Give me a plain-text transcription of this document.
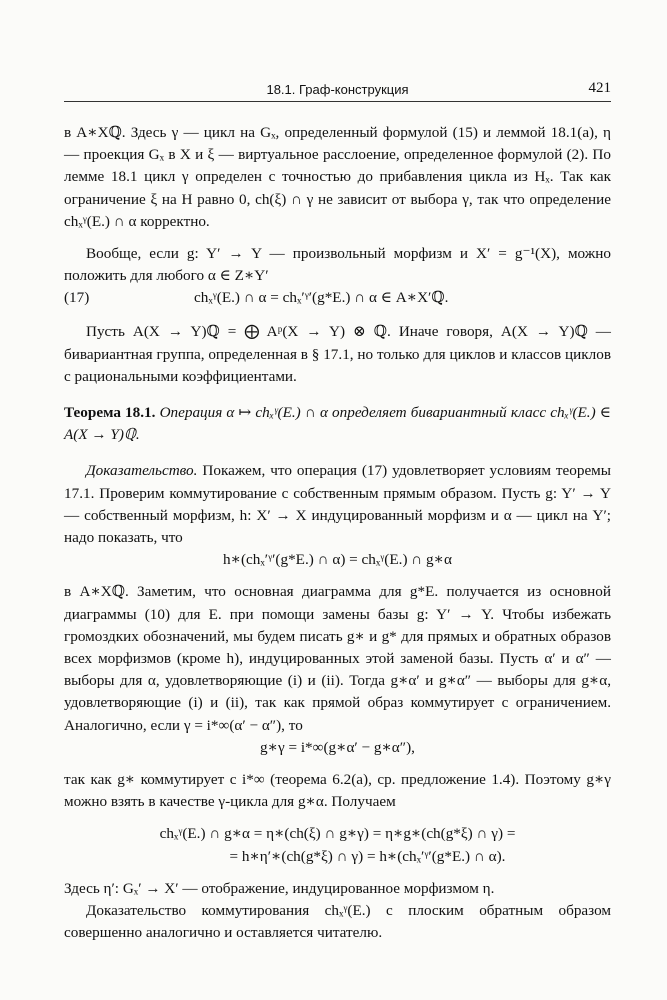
18.1. Граф-конструкция	421

в A∗Xℚ. Здесь γ — цикл на Gₓ, определенный формулой (15) и леммой 18.1(a), η — проекция Gₓ в X и ξ — виртуальное расслоение, определенное формулой (2). По лемме 18.1 цикл γ определен с точностью до прибавления цикла из Hₓ. Так как ограничение ξ на H равно 0, ch(ξ) ∩ γ не зависит от выбора γ, так что определение chₓᵞ(E.) ∩ α корректно.

Вообще, если g: Y′ → Y — произвольный морфизм и X′ = g⁻¹(X), можно положить для любого α ∈ Z∗Y′

(17)	chₓᵞ(E.) ∩ α = chₓ′ᵞ′(g*E.) ∩ α ∈ A∗X′ℚ.

Пусть A(X → Y)ℚ = ⨁ Aᵖ(X → Y) ⊗ ℚ. Иначе говоря, A(X → Y)ℚ — бивариантная группа, определенная в § 17.1, но только для циклов и классов циклов с рациональными коэффициентами.

Теорема 18.1. Операция α ↦ chₓᵞ(E.) ∩ α определяет бивариантный класс chₓᵞ(E.) ∈ A(X → Y)ℚ.

Доказательство. Покажем, что операция (17) удовлетворяет условиям теоремы 17.1. Проверим коммутирование с собственным прямым образом. Пусть g: Y′ → Y — собственный морфизм, h: X′ → X индуцированный морфизм и α — цикл на Y′; надо показать, что

h∗(chₓ′ᵞ′(g*E.) ∩ α) = chₓᵞ(E.) ∩ g∗α

в A∗Xℚ. Заметим, что основная диаграмма для g*E. получается из основной диаграммы (10) для E. при помощи замены базы g: Y′ → Y. Чтобы избежать громоздких обозначений, мы будем писать g∗ и g* для прямых и обратных образов всех морфизмов (кроме h), индуцированных этой заменой базы. Пусть α′ и α″ — выборы для α, удовлетворяющие (i) и (ii). Тогда g∗α′ и g∗α″ — выборы для g∗α, удовлетворяющие (i) и (ii), так как прямой образ коммутирует с ограничением. Аналогично, если γ = i*∞(α′ − α″), то

g∗γ = i*∞(g∗α′ − g∗α″),

так как g∗ коммутирует с i*∞ (теорема 6.2(a), ср. предложение 1.4). Поэтому g∗γ можно взять в качестве γ-цикла для g∗α. Получаем

chₓᵞ(E.) ∩ g∗α = η∗(ch(ξ) ∩ g∗γ) = η∗g∗(ch(g*ξ) ∩ γ) =
= h∗η′∗(ch(g*ξ) ∩ γ) = h∗(chₓ′ᵞ′(g*E.) ∩ α).

Здесь η′: Gₓ′ → X′ — отображение, индуцированное морфизмом η.

Доказательство коммутирования chₓᵞ(E.) с плоским обратным образом совершенно аналогично и оставляется читателю.
